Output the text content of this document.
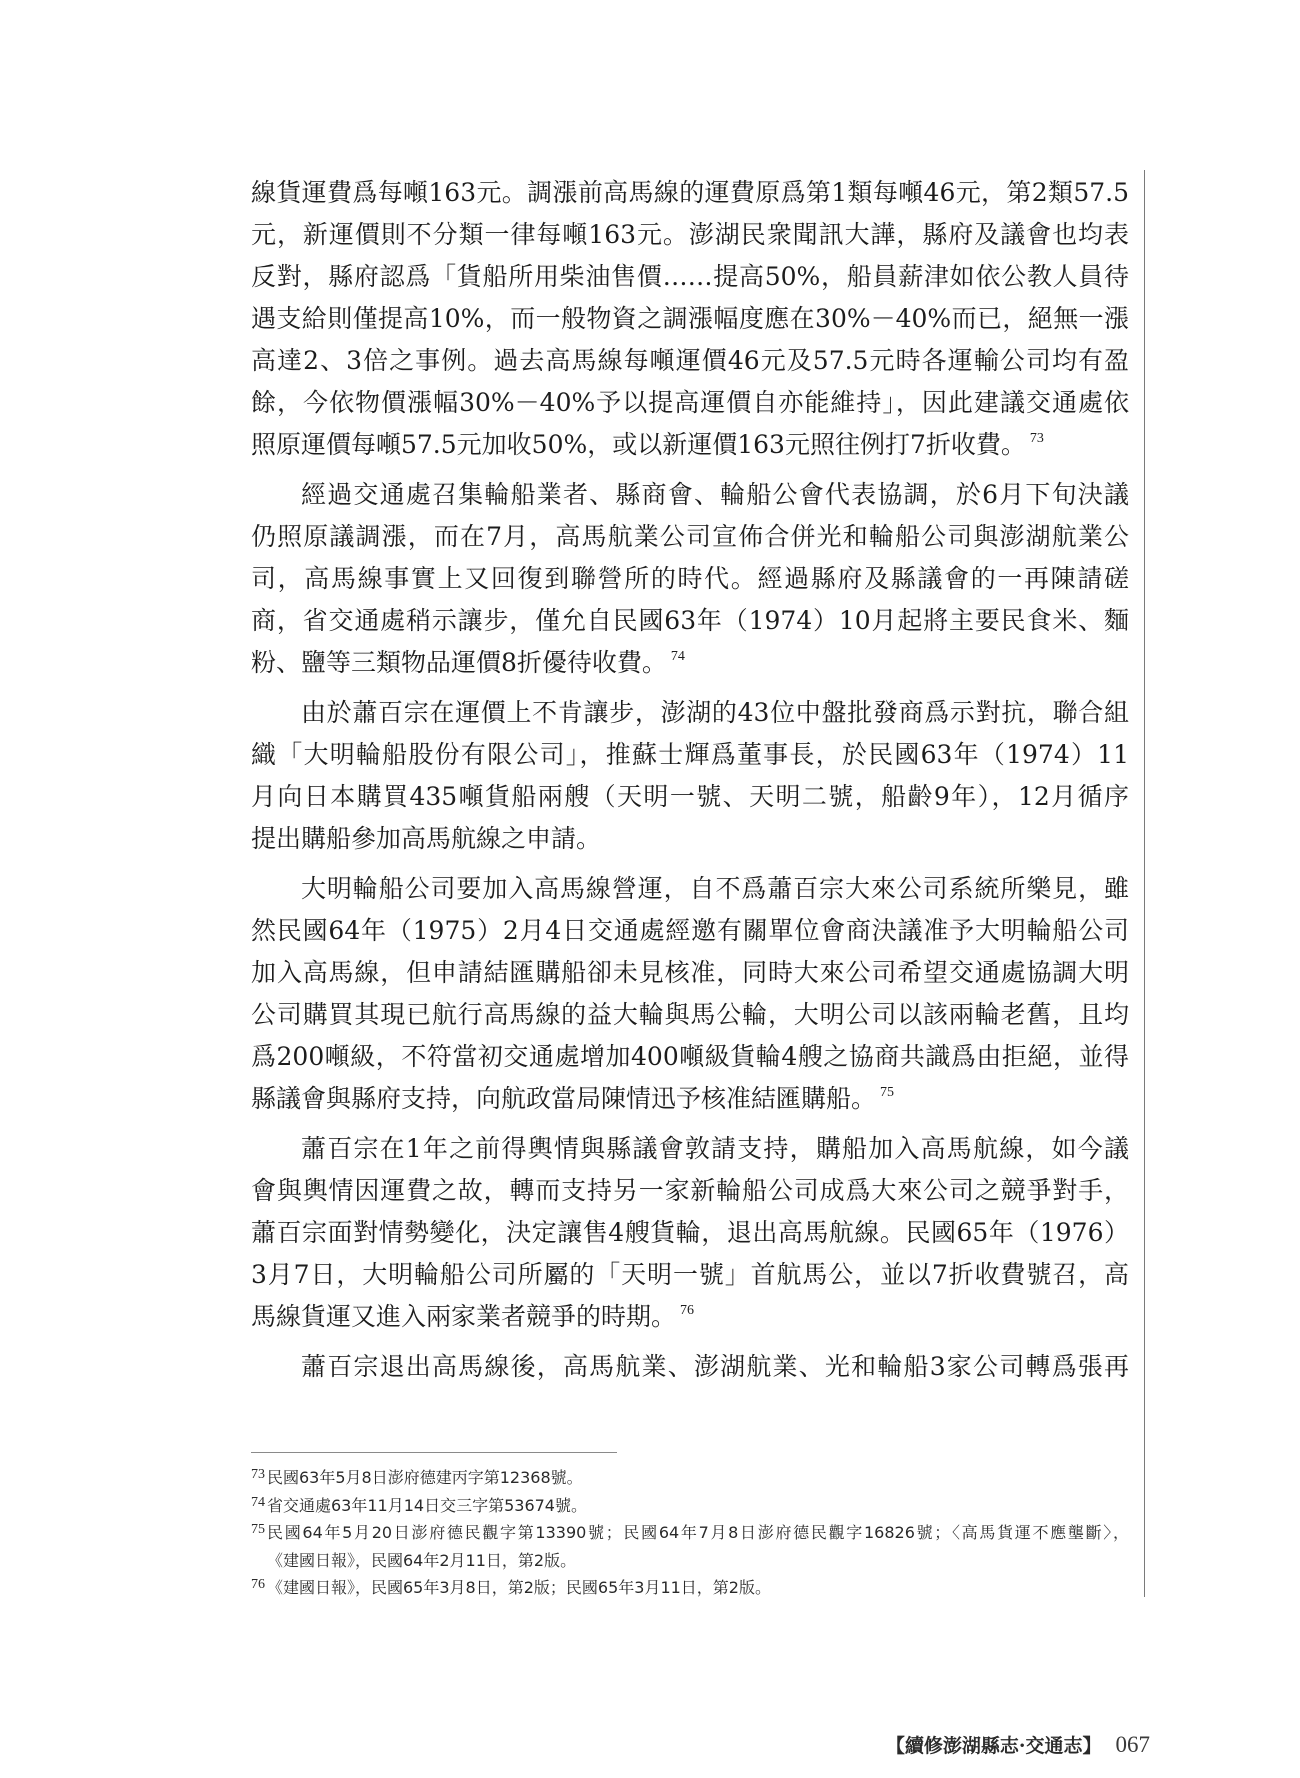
線貨運費爲每噸163元。調漲前高馬線的運費原爲第1類每噸46元，第2類57.5
元，新運價則不分類一律每噸163元。澎湖民衆聞訊大譁，縣府及議會也均表
反對，縣府認爲「貨船所用柴油售價……提高50%，船員薪津如依公教人員待
遇支給則僅提高10%，而一般物資之調漲幅度應在30%－40%而已，絕無一漲
高達2、3倍之事例。過去高馬線每噸運價46元及57.5元時各運輸公司均有盈
餘，今依物價漲幅30%－40%予以提高運價自亦能維持」，因此建議交通處依
照原運價每噸57.5元加收50%，或以新運價163元照往例打7折收費。 $^{73}$
經過交通處召集輪船業者、縣商會、輪船公會代表協調，於6月下旬決議
仍照原議調漲，而在7月，高馬航業公司宣佈合併光和輪船公司與澎湖航業公
司，高馬線事實上又回復到聯營所的時代。經過縣府及縣議會的一再陳請磋
商，省交通處稍示讓步，僅允自民國63年（1974）10月起將主要民食米、麵
粉、鹽等三類物品運價8折優待收費。 $^{74}$
由於蕭百宗在運價上不肯讓步，澎湖的43位中盤批發商爲示對抗，聯合組
織「大明輪船股份有限公司」，推蘇士輝爲董事長，於民國63年（1974）11
月向日本購買435噸貨船兩艘（天明一號、天明二號，船齡9年），12月循序
提出購船參加高馬航線之申請。
大明輪船公司要加入高馬線營運，自不爲蕭百宗大來公司系統所樂見，雖
然民國64年（1975）2月4日交通處經邀有關單位會商決議准予大明輪船公司
加入高馬線，但申請結匯購船卻未見核准，同時大來公司希望交通處協調大明
公司購買其現已航行高馬線的益大輪與馬公輪，大明公司以該兩輪老舊，且均
爲200噸級，不符當初交通處增加400噸級貨輪4艘之協商共識爲由拒絕，並得
縣議會與縣府支持，向航政當局陳情迅予核准結匯購船。 $^{75}$
蕭百宗在1年之前得輿情與縣議會敦請支持，購船加入高馬航線，如今議
會與輿情因運費之故，轉而支持另一家新輪船公司成爲大來公司之競爭對手，
蕭百宗面對情勢變化，決定讓售4艘貨輪，退出高馬航線。民國65年（1976）
3月7日，大明輪船公司所屬的「天明一號」首航馬公，並以7折收費號召，高
馬線貨運又進入兩家業者競爭的時期。 $^{76}$
蕭百宗退出高馬線後，高馬航業、澎湖航業、光和輪船3家公司轉爲張再
73 民國63年5月8日澎府德建丙字第12368號。
74 省交通處63年11月14日交三字第53674號。
75 民國64年5月20日澎府德民觀字第13390號；民國64年7月8日澎府德民觀字16826號；〈高馬貨運不應壟斷〉，
《建國日報》，民國64年2月11日，第2版。
76 《建國日報》，民國65年3月8日，第2版；民國65年3月11日，第2版。
【續修澎湖縣志·交通志】 067
